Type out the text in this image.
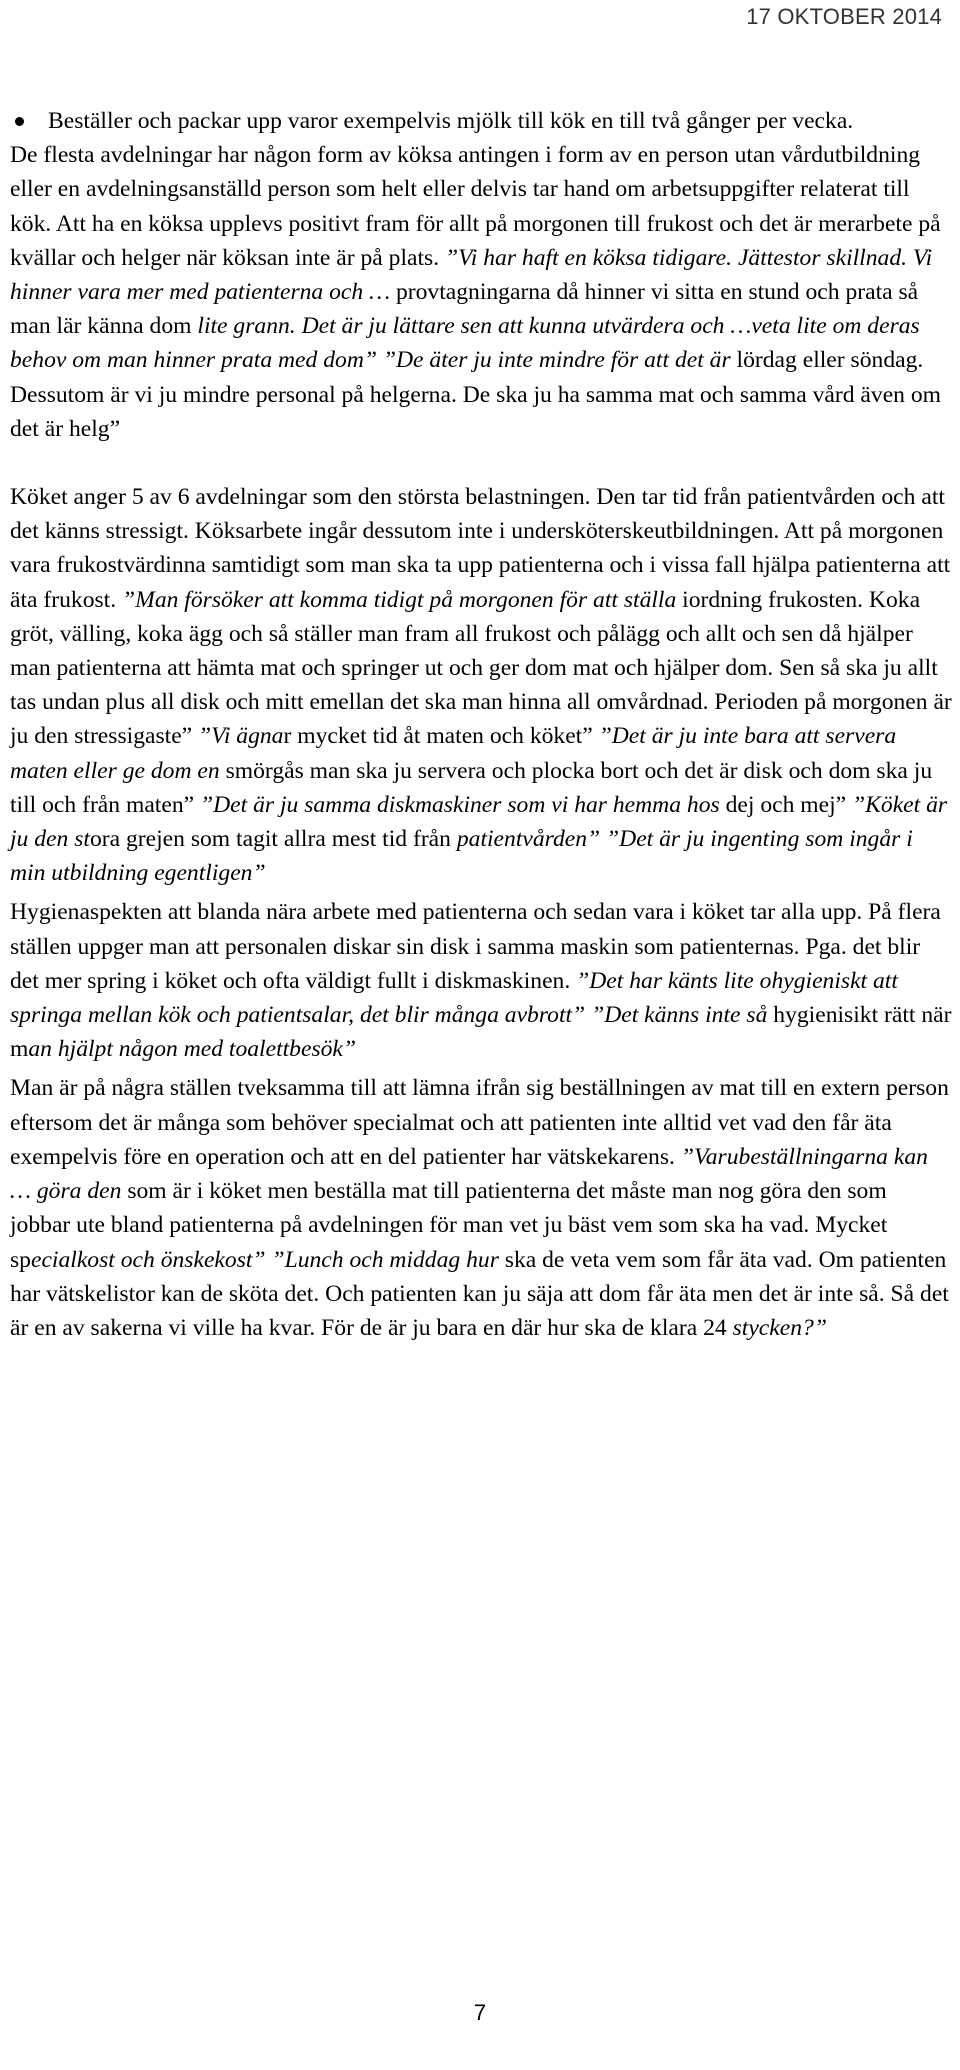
17 OKTOBER 2014
Beställer och packar upp varor exempelvis mjölk till kök en till två gånger per vecka.

De flesta avdelningar har någon form av köksa antingen i form av en person utan vårdutbildning eller en avdelningsanställd person som helt eller delvis tar hand om arbetsuppgifter relaterat till kök. Att ha en köksa upplevs positivt fram för allt på morgonen till frukost och det är merarbete på kvällar och helger när köksan inte är på plats. ”Vi har haft en köksa tidigare. Jättestor skillnad. Vi hinner vara mer med patienterna och … provtagningarna då hinner vi sitta en stund och prata så man lär känna dom lite grann. Det är ju lättare sen att kunna utvärdera och …veta lite om deras behov om man hinner prata med dom” ”De äter ju inte mindre för att det är lördag eller söndag. Dessutom är vi ju mindre personal på helgerna. De ska ju ha samma mat och samma vård även om det är helg”

Köket anger 5 av 6 avdelningar som den största belastningen. Den tar tid från patientvården och att det känns stressigt. Köksarbete ingår dessutom inte i undersköterskeutbildningen. Att på morgonen vara frukostvärdinna samtidigt som man ska ta upp patienterna och i vissa fall hjälpa patienterna att äta frukost. ”Man försöker att komma tidigt på morgonen för att ställa iordning frukosten. Koka gröt, välling, koka ägg och så ställer man fram all frukost och pålägg och allt och sen då hjälper man patienterna att hämta mat och springer ut och ger dom mat och hjälper dom. Sen så ska ju allt tas undan plus all disk och mitt emellan det ska man hinna all omvårdnad. Perioden på morgonen är ju den stressigaste” ”Vi ägnar mycket tid åt maten och köket” ”Det är ju inte bara att servera maten eller ge dom en smörgås man ska ju servera och plocka bort och det är disk och dom ska ju till och från maten” ”Det är ju samma diskmaskiner som vi har hemma hos dej och mej” ”Köket är ju den stora grejen som tagit allra mest tid från patientvården” ”Det är ju ingenting som ingår i min utbildning egentligen”

Hygienaspekten att blanda nära arbete med patienterna och sedan vara i köket tar alla upp. På flera ställen uppger man att personalen diskar sin disk i samma maskin som patienternas. Pga. det blir det mer spring i köket och ofta väldigt fullt i diskmaskinen. ”Det har känts lite ohygieniskt att springa mellan kök och patientsalar, det blir många avbrott” ”Det känns inte så hygienisikt rätt när man hjälpt någon med toalettbesök”

Man är på några ställen tveksamma till att lämna ifrån sig beställningen av mat till en extern person eftersom det är många som behöver specialmat och att patienten inte alltid vet vad den får äta exempelvis före en operation och att en del patienter har vätskekarens. ”Varubeställningarna kan … göra den som är i köket men beställa mat till patienterna det måste man nog göra den som jobbar ute bland patienterna på avdelningen för man vet ju bäst vem som ska ha vad. Mycket specialkost och önskekost” ”Lunch och middag hur ska de veta vem som får äta vad. Om patienten har vätskelistor kan de sköta det. Och patienten kan ju säja att dom får äta men det är inte så. Så det är en av sakerna vi ville ha kvar. För de är ju bara en där hur ska de klara 24 stycken?”

7
